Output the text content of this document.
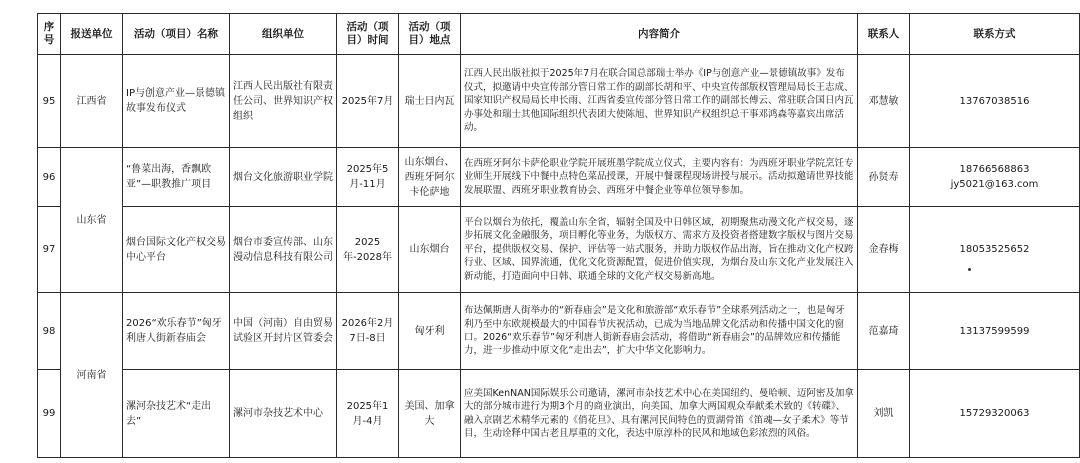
序号	报送单位	活动（项目）名称	组织单位	活动（项目）时间	活动（项目）地点	内容简介	联系人	联系方式
95	江西省	IP与创意产业—景德镇故事发布仪式	江西人民出版社有限责任公司、世界知识产权组织	2025年7月	瑞士日内瓦	江西人民出版社拟于2025年7月在联合国总部瑞士举办《IP与创意产业—景德镇故事》发布仪式，拟邀请中央宣传部分管日常工作的副部长胡和平、中央宣传部版权管理局局长王志成、国家知识产权局局长申长雨、江西省委宣传部分管日常工作的副部长傅云、常驻联合国日内瓦办事处和瑞士其他国际组织代表团大使陈旭、世界知识产权组织总干事邓鸿森等嘉宾出席活动。	邓慧敏	13767038516
96	山东省	“鲁菜出海，香飘欧亚”—职教推广项目	烟台文化旅游职业学院	2025年5月-11月	山东烟台、西班牙阿尔卡伦萨地	在西班牙阿尔卡萨伦职业学院开展班墨学院成立仪式，主要内容有：为西班牙职业学院烹饪专业师生开展线下中餐中点特色菜品授课，开展中餐课程现场讲授与展示。活动拟邀请世界技能发展联盟、西班牙职业教育协会、西班牙中餐企业等单位领导参加。	孙贤寿	18766568863
jy5021@163.com

97		烟台国际文化产权交易中心平台	烟台市委宣传部、山东漫动信息科技有限公司	2025年-2028年	山东烟台	平台以烟台为依托，覆盖山东全省，辐射全国及中日韩区域，初期聚焦动漫文化产权交易，逐步拓展文化金融服务，项目孵化等业务，为版权方、需求方及投资者搭建数字版权与图片交易平台，提供版权交易、保护、评估等一站式服务，并助力版权作品出海，旨在推动文化产权跨行业、区域、国界流通，优化文化资源配置，促进价值实现，为烟台及山东文化产业发展注入新动能，打造面向中日韩、联通全球的文化产权交易新高地。	金春梅	18053525652
98	河南省	2026“欢乐春节”匈牙利唐人街新春庙会	中国（河南）自由贸易试验区开封片区管委会	2026年2月7日-8日	匈牙利	布达佩斯唐人街举办的“新春庙会”是文化和旅游部“欢乐春节”全球系列活动之一，也是匈牙利乃至中东欧规模最大的中国春节庆祝活动，已成为当地品牌文化活动和传播中国文化的窗口。2026“欢乐春节”匈牙利唐人街新春庙会活动，将借助“新春庙会”的品牌效应和传播能力，进一步推动中原文化“走出去”，扩大中华文化影响力。	范嘉琦	13137599599
99		漯河杂技艺术“走出去”	漯河市杂技艺术中心	2025年1月-4月	美国、加拿大	应美国KenNAN国际娱乐公司邀请，漯河市杂技艺术中心在美国纽约、曼哈顿、迈阿密及加拿大的部分城市进行为期3个月的商业演出，向美国、加拿大两国观众奉献柔术致的《转碟》、融入京剧艺术精华元素的《俏花旦》、具有漯河民间特色的贾湖骨笛《笛魂—女子柔术》等节目，生动诠释中国古老且厚重的文化，表达中原淳朴的民风和地域色彩浓烈的风俗。	刘凯	15729320063
